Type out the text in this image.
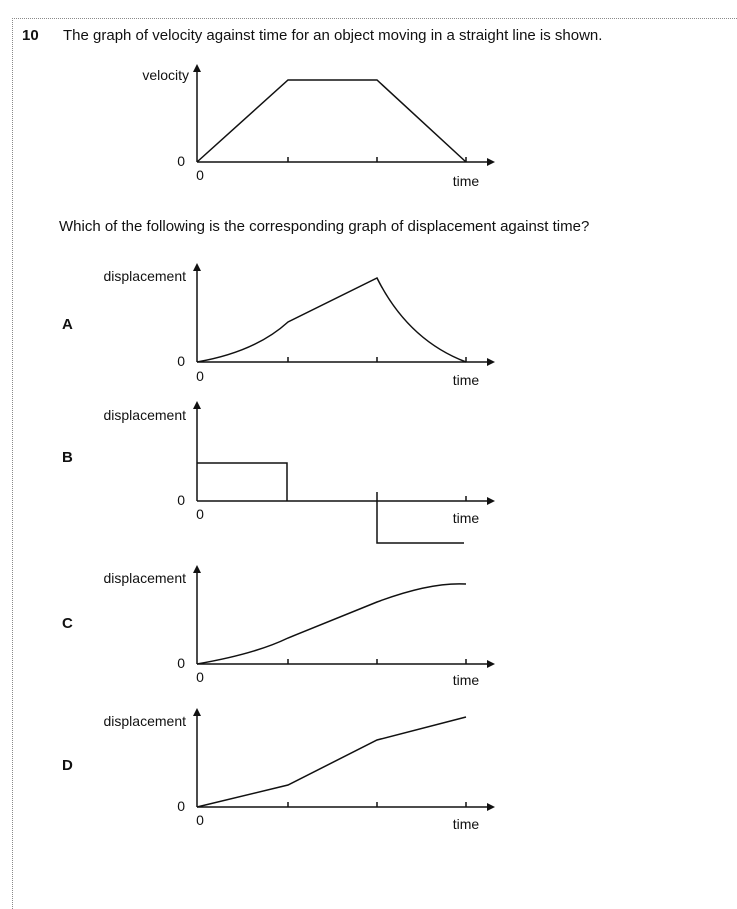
10 The graph of velocity against time for an object moving in a straight line is shown.
Which of the following is the corresponding graph of displacement against time?
A
B
C
D
velocity
0
0	time
displacement
0
0	time
displacement
0
0	time
displacement
0
0	time
displacement
0
0	time
